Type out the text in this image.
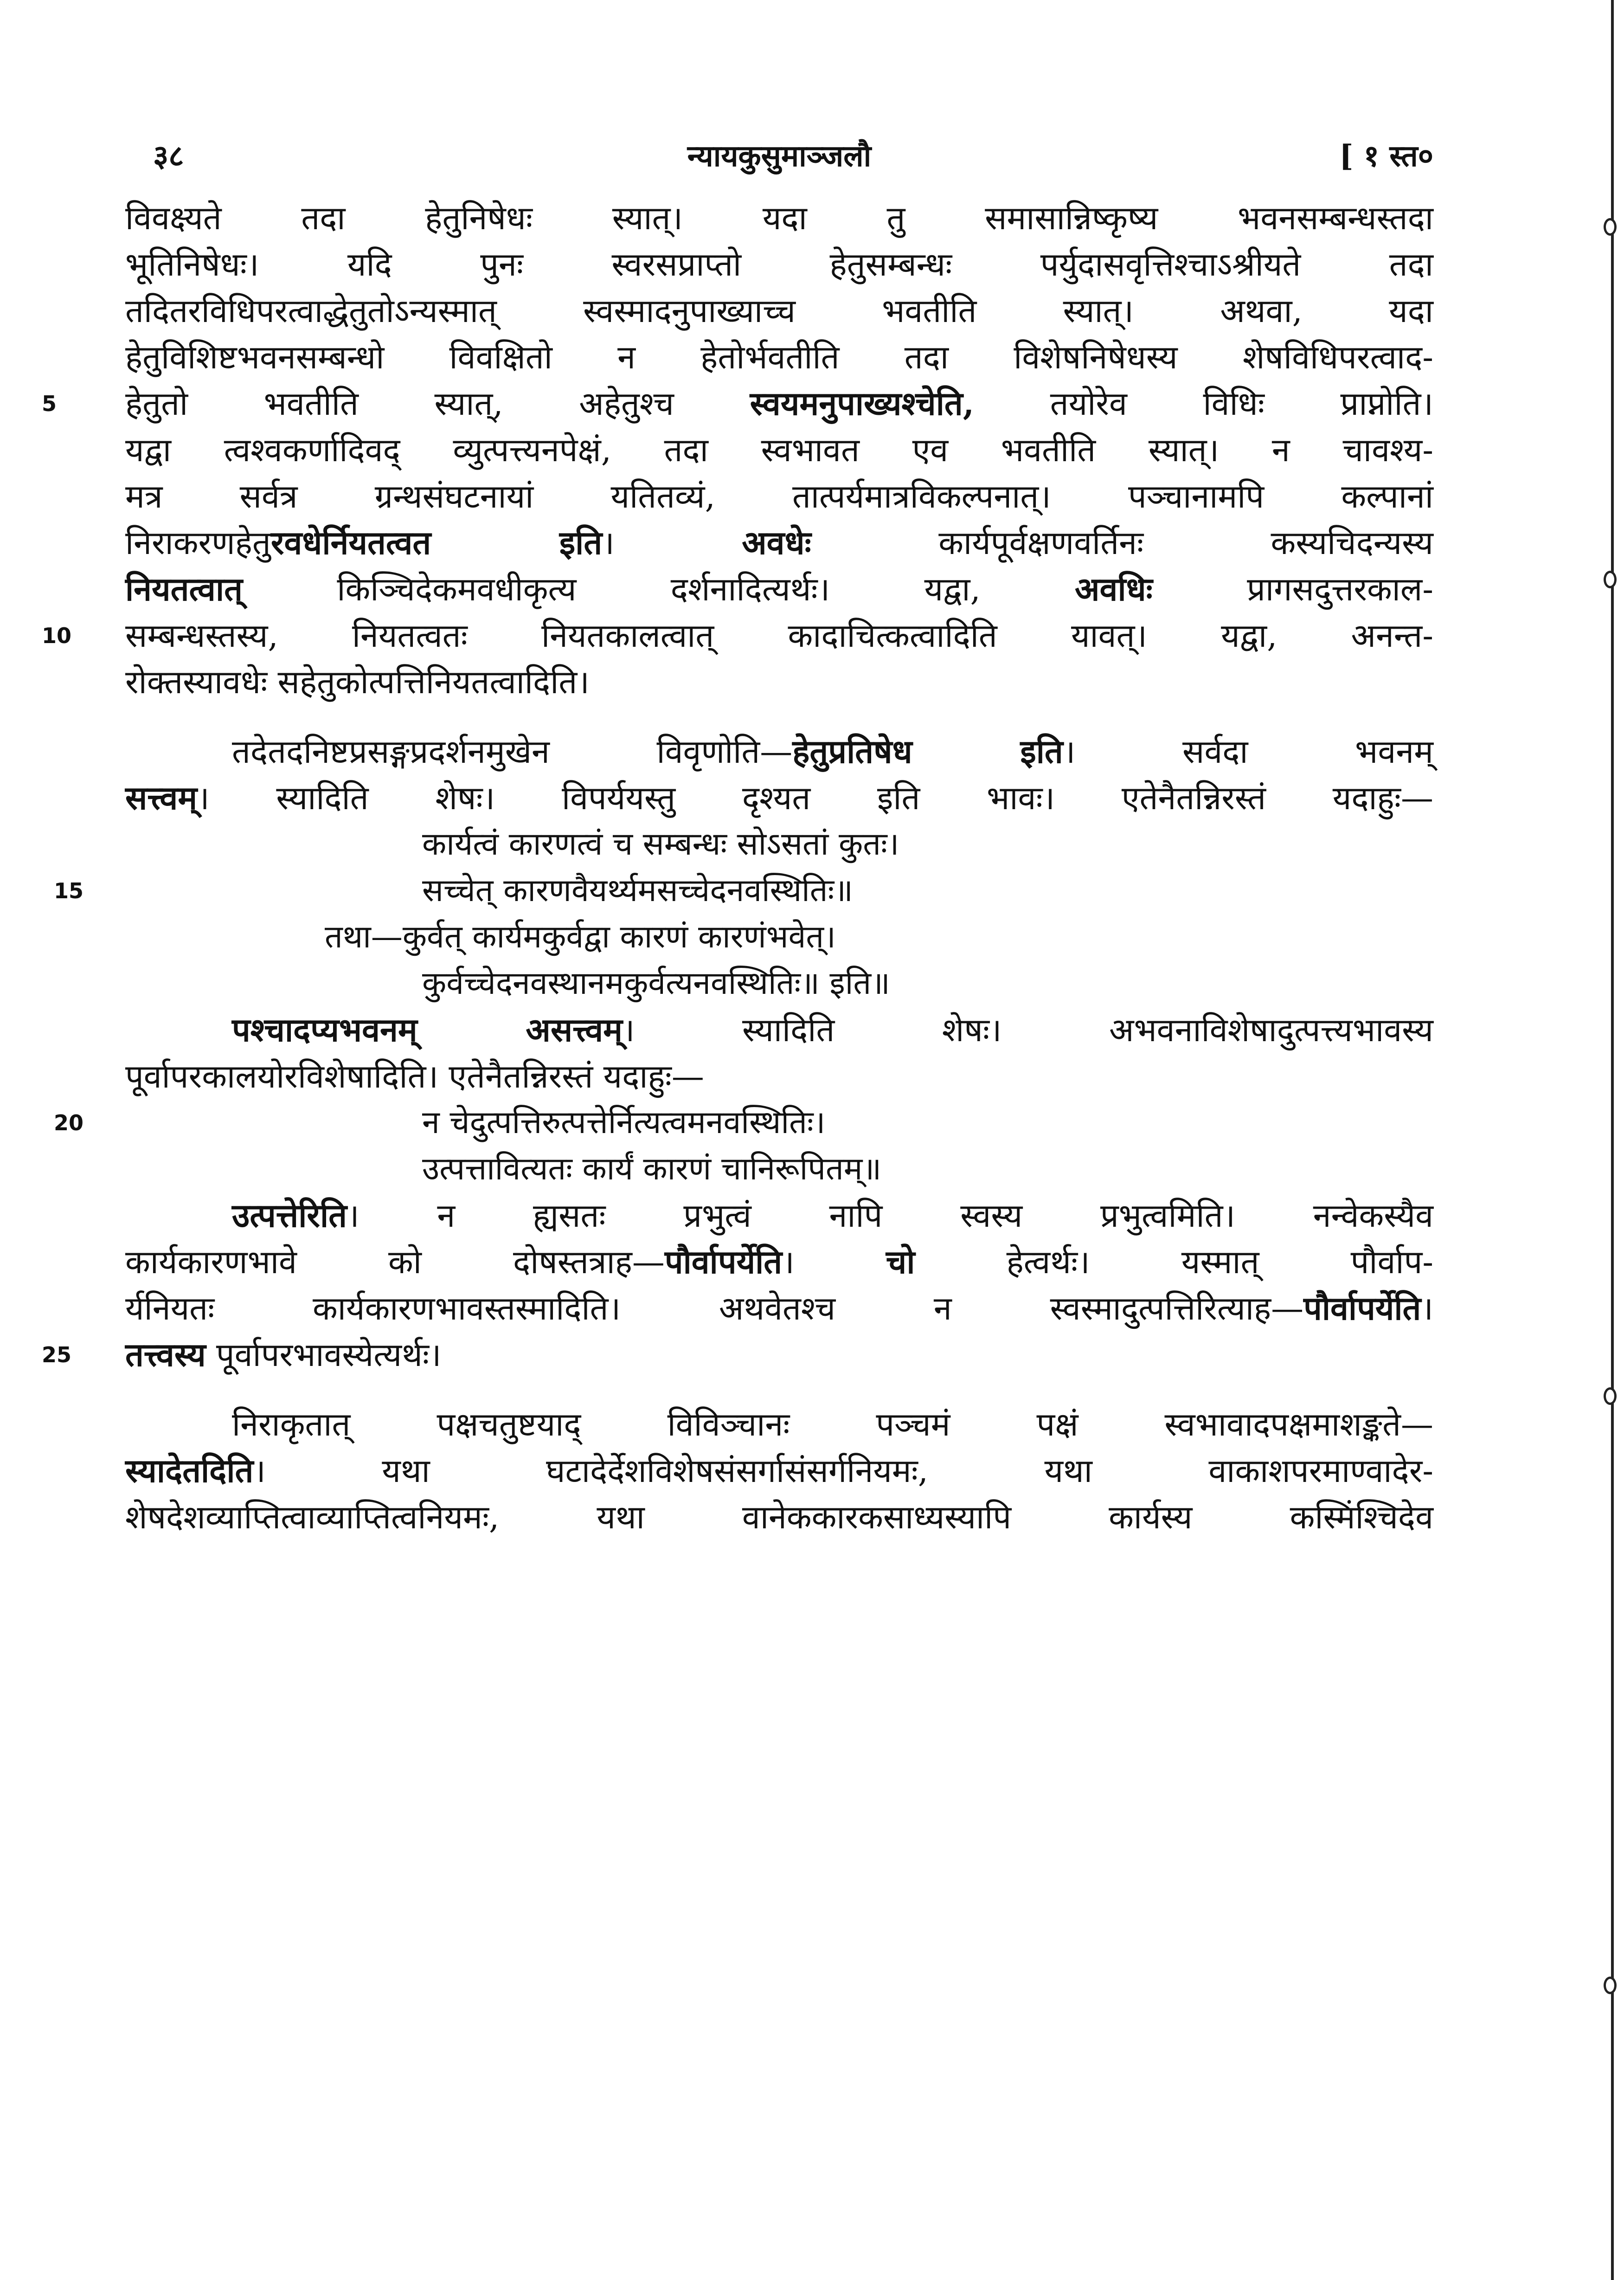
३८	न्यायकुसुमाञ्जलौ	[ १ स्त०
विवक्ष्यते तदा हेतुनिषेधः स्यात्। यदा तु समासान्निष्कृष्य भवनसम्बन्धस्तदा
भूतिनिषेधः। यदि पुनः स्वरसप्राप्तो हेतुसम्बन्धः पर्युदासवृत्तिश्चाऽश्रीयते तदा
तदितरविधिपरत्वाद्धेतुतोऽन्यस्मात् स्वस्मादनुपाख्याच्च भवतीति स्यात्। अथवा, यदा
हेतुविशिष्टभवनसम्बन्धो विवक्षितो न हेतोर्भवतीति तदा विशेषनिषेधस्य शेषविधिपरत्वाद-
5	हेतुतो भवतीति स्यात्, अहेतुश्च स्वयमनुपाख्यश्चेति, तयोरेव विधिः प्राप्नोति।
यद्वा त्वश्वकर्णादिवद् व्युत्पत्त्यनपेक्षं, तदा स्वभावत एव भवतीति स्यात्। न चावश्य-
मत्र सर्वत्र ग्रन्थसंघटनायां यतितव्यं, तात्पर्यमात्रविकल्पनात्। पञ्चानामपि कल्पानां
निराकरणहेतुरवधेर्नियतत्वत इति। अवधेः कार्यपूर्वक्षणवर्तिनः कस्यचिदन्यस्य
नियतत्वात् किञ्चिदेकमवधीकृत्य दर्शनादित्यर्थः। यद्वा, अवधिः प्रागसदुत्तरकाल-
10	सम्बन्धस्तस्य, नियतत्वतः नियतकालत्वात् कादाचित्कत्वादिति यावत्। यद्वा, अनन्त-
रोक्तस्यावधेः सहेतुकोत्पत्तिनियतत्वादिति।
तदेतदनिष्टप्रसङ्गप्रदर्शनमुखेन विवृणोति—हेतुप्रतिषेध इति। सर्वदा भवनम्
सत्त्वम्। स्यादिति शेषः। विपर्ययस्तु दृश्यत इति भावः। एतेनैतन्निरस्तं यदाहुः—
कार्यत्वं कारणत्वं च सम्बन्धः सोऽसतां कुतः।
15	सच्चेत् कारणवैयर्थ्यमसच्चेदनवस्थितिः॥
तथा—कुर्वत् कार्यमकुर्वद्वा कारणं कारणंभवेत्।
कुर्वच्चेदनवस्थानमकुर्वत्यनवस्थितिः॥ इति॥
पश्चादप्यभवनम् असत्त्वम्। स्यादिति शेषः। अभवनाविशेषादुत्पत्त्यभावस्य
पूर्वापरकालयोरविशेषादिति। एतेनैतन्निरस्तं यदाहुः—
20	न चेदुत्पत्तिरुत्पत्तेर्नित्यत्वमनवस्थितिः।
उत्पत्तावित्यतः कार्यं कारणं चानिरूपितम्॥
उत्पत्तेरिति। न ह्यसतः प्रभुत्वं नापि स्वस्य प्रभुत्वमिति। नन्वेकस्यैव
कार्यकारणभावे को दोषस्तत्राह—पौर्वापर्येति। चो हेत्वर्थः। यस्मात् पौर्वाप-
र्यनियतः कार्यकारणभावस्तस्मादिति। अथवेतश्च न स्वस्मादुत्पत्तिरित्याह—पौर्वापर्येति।
25	तत्त्वस्य पूर्वापरभावस्येत्यर्थः।
निराकृतात् पक्षचतुष्टयाद् विविञ्चानः पञ्चमं पक्षं स्वभावादपक्षमाशङ्कते—
स्यादेतदिति। यथा घटादेर्देशविशेषसंसर्गासंसर्गनियमः, यथा वाकाशपरमाण्वादेर-
शेषदेशव्याप्तित्वाव्याप्तित्वनियमः, यथा वानेककारकसाध्यस्यापि कार्यस्य कस्मिंश्चिदेव
